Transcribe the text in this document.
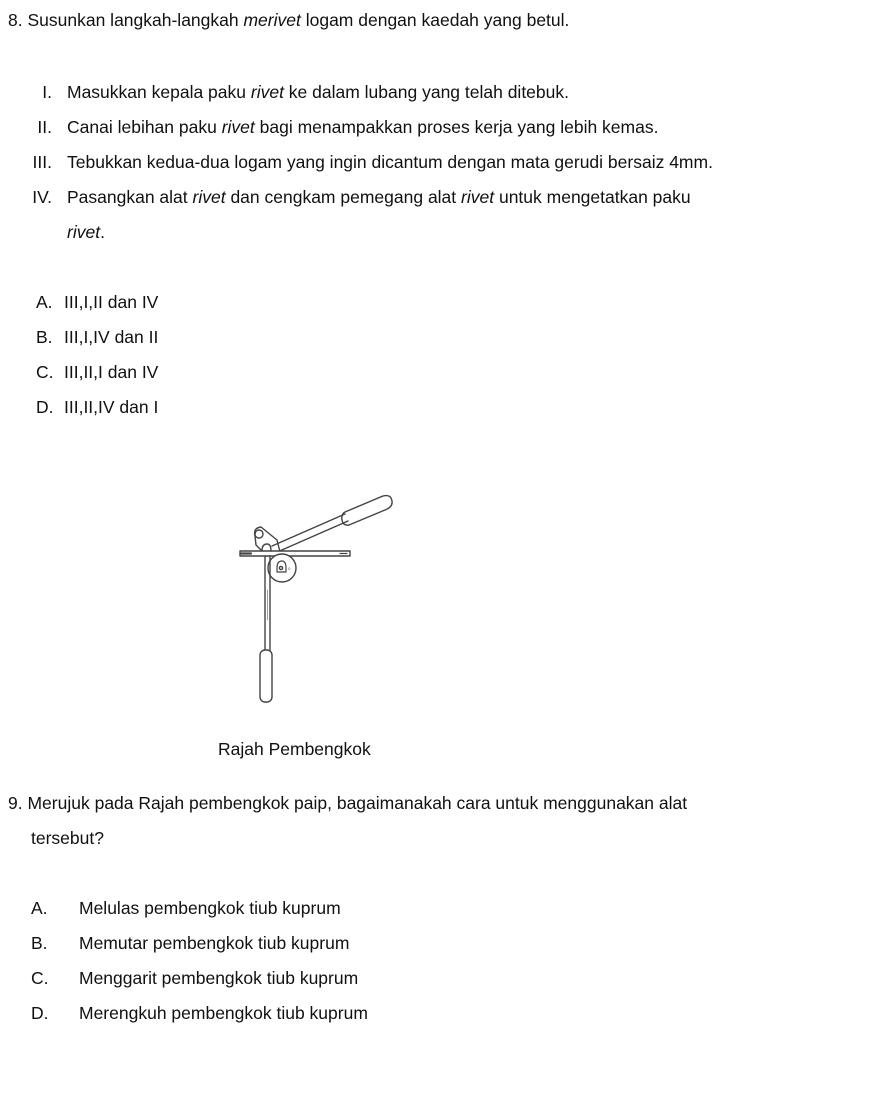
8. Susunkan langkah-langkah merivet logam dengan kaedah yang betul.
I. Masukkan kepala paku rivet ke dalam lubang yang telah ditebuk.
II. Canai lebihan paku rivet bagi menampakkan proses kerja yang lebih kemas.
III. Tebukkan kedua-dua logam yang ingin dicantum dengan mata gerudi bersaiz 4mm.
IV. Pasangkan alat rivet dan cengkam pemegang alat rivet untuk mengetatkan paku
rivet.
A. III,I,II dan IV
B. III,I,IV dan II
C. III,II,I dan IV
D. III,II,IV dan I
o
Rajah Pembengkok
9. Merujuk pada Rajah pembengkok paip, bagaimanakah cara untuk menggunakan alat
tersebut?
A. Melulas pembengkok tiub kuprum
B. Memutar pembengkok tiub kuprum
C. Menggarit pembengkok tiub kuprum
D. Merengkuh pembengkok tiub kuprum
